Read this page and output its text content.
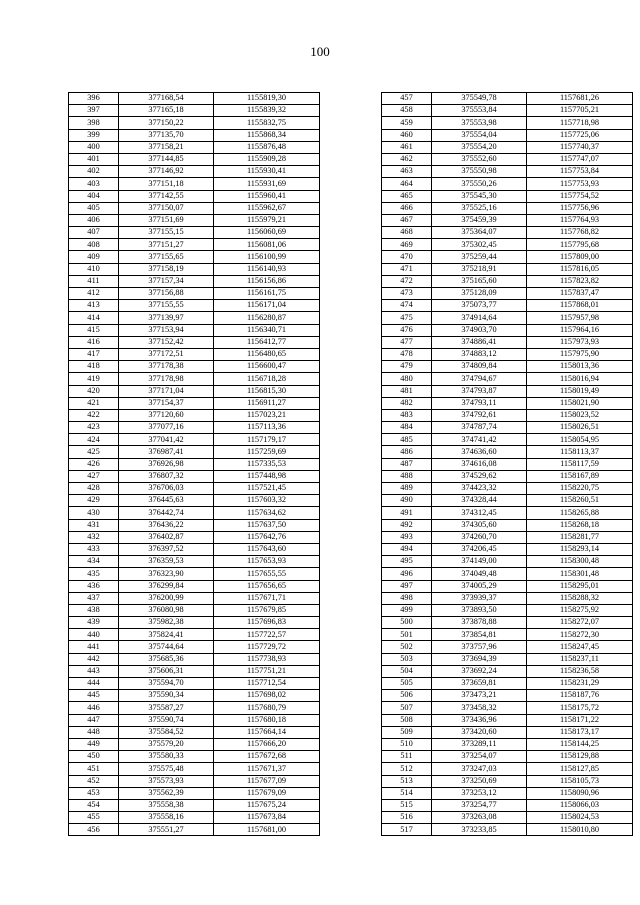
100
396	377168,54	1155819,30
397	377165,18	1155839,32
398	377150,22	1155832,75
399	377135,70	1155868,34
400	377158,21	1155876,48
401	377144,85	1155909,28
402	377146,92	1155930,41
403	377151,18	1155931,69
404	377142,55	1155960,41
405	377150,07	1155962,67
406	377151,69	1155979,21
407	377155,15	1156060,69
408	377151,27	1156081,06
409	377155,65	1156100,99
410	377158,19	1156140,93
411	377157,34	1156156,86
412	377156,88	1156161,75
413	377155,55	1156171,04
414	377139,97	1156280,87
415	377153,94	1156340,71
416	377152,42	1156412,77
417	377172,51	1156480,65
418	377178,38	1156600,47
419	377178,98	1156718,28
420	377171,04	1156815,30
421	377154,37	1156911,27
422	377120,60	1157023,21
423	377077,16	1157113,36
424	377041,42	1157179,17
425	376987,41	1157259,69
426	376926,98	1157335,53
427	376807,32	1157448,98
428	376706,03	1157521,45
429	376445,63	1157603,32
430	376442,74	1157634,62
431	376436,22	1157637,50
432	376402,87	1157642,76
433	376397,52	1157643,60
434	376359,53	1157653,93
435	376323,90	1157655,55
436	376299,84	1157656,65
437	376200,99	1157671,71
438	376080,98	1157679,85
439	375982,38	1157696,83
440	375824,41	1157722,57
441	375744,64	1157729,72
442	375685,36	1157738,93
443	375606,31	1157751,21
444	375594,70	1157712,54
445	375590,34	1157698,02
446	375587,27	1157680,79
447	375590,74	1157680,18
448	375584,52	1157664,14
449	375579,20	1157666,20
450	375580,33	1157672,68
451	375575,48	1157671,37
452	375573,93	1157677,09
453	375562,39	1157679,09
454	375558,38	1157675,24
455	375558,16	1157673,84
456	375551,27	1157681,00
457	375549,78	1157681,26
458	375553,84	1157705,21
459	375553,98	1157718,98
460	375554,04	1157725,06
461	375554,20	1157740,37
462	375552,60	1157747,07
463	375550,98	1157753,84
464	375550,26	1157753,93
465	375545,30	1157754,52
466	375525,16	1157756,96
467	375459,39	1157764,93
468	375364,07	1157768,82
469	375302,45	1157795,68
470	375259,44	1157809,00
471	375218,91	1157816,05
472	375165,60	1157823,82
473	375128,09	1157837,47
474	375073,77	1157868,01
475	374914,64	1157957,98
476	374903,70	1157964,16
477	374886,41	1157973,93
478	374883,12	1157975,90
479	374809,84	1158013,36
480	374794,67	1158016,94
481	374793,87	1158019,49
482	374793,11	1158021,90
483	374792,61	1158023,52
484	374787,74	1158026,51
485	374741,42	1158054,95
486	374636,60	1158113,37
487	374616,08	1158117,59
488	374529,62	1158167,89
489	374423,32	1158220,75
490	374328,44	1158260,51
491	374312,45	1158265,88
492	374305,60	1158268,18
493	374260,70	1158281,77
494	374206,45	1158293,14
495	374149,00	1158300,48
496	374049,48	1158301,48
497	374005,29	1158295,01
498	373939,37	1158288,32
499	373893,50	1158275,92
500	373878,88	1158272,07
501	373854,81	1158272,30
502	373757,96	1158247,45
503	373694,39	1158237,11
504	373692,24	1158236,58
505	373659,81	1158231,29
506	373473,21	1158187,76
507	373458,32	1158175,72
508	373436,96	1158171,22
509	373420,60	1158173,17
510	373289,11	1158144,25
511	373254,07	1158129,88
512	373247,03	1158127,85
513	373250,69	1158105,73
514	373253,12	1158090,96
515	373254,77	1158066,03
516	373263,08	1158024,53
517	373233,85	1158010,80
